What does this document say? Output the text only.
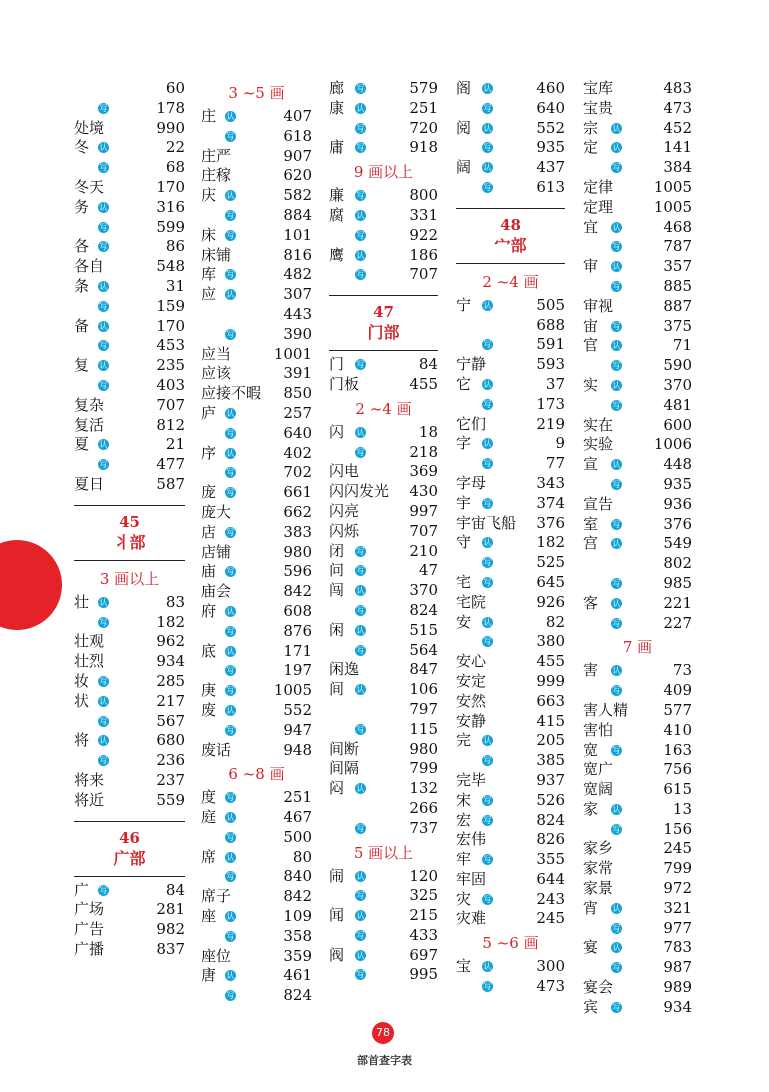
60
写	178
处境	990
冬 认	22
写	68
冬天	170
务 认	316
写	599
各 写	86
各自	548
条 认	31
写	159
备 认	170
写	453
复 认	235
写	403
复杂	707
复活	812
夏 认	21
写	477
夏日	587
45
丬部
3 画以上
壮 认	83
写	182
壮观	962
壮烈	934
妆 写	285
状 认	217
写	567
将 认	680
写	236
将来	237
将近	559
46
广部
广 写	84
广场	281
广告	982
广播	837
3 ~5 画
庄 认	407
写	618
庄严	907
庄稼	620
庆 认	582
写	884
床 写	101
床铺	816
库 写	482
应 认	307
443
写	390
应当	1001
应该	391
应接不暇 850
庐 认	257
写	640
序 认	402
写	702
庞 写	661
庞大	662
店 写	383
店铺	980
庙 写	596
庙会	842
府 认	608
写	876
底 认	171
写	197
庚 写	1005
废 认	552
写	947
废话	948
6 ~8 画
度 写	251
庭 认	467
写	500
席 认	80
写	840
席子	842
座 认	109
写	358
座位	359
唐 认	461
写	824
廊 写	579
康 认	251
写	720
庸 写	918
9 画以上
廉 写	800
腐 认	331
写	922
鹰 认	186
写	707
47
门部
门 写	84
门板	455
2 ~4 画
闪 认	18
写	218
闪电	369
闪闪发光 430
闪亮	997
闪烁	707
闭 写	210
问 写	47
闯 认	370
写	824
闲 认	515
写	564
闲逸	847
间 认	106
797
写	115
间断	980
间隔	799
闷 认	132
266
写	737
5 画以上
闹 认	120
写	325
闻 认	215
写	433
阀 认	697
写	995
阁 认	460
写	640
阅 认	552
写	935
阔 认	437
写	613
48
宀部
2 ~4 画
宁 认	505
688
写	591
宁静	593
它 认	37
写	173
它们	219
字 认	9
写	77
字母	343
宇 写	374
宇宙飞船 376
守 认	182
写	525
宅 写	645
宅院	926
安 认	82
写	380
安心	455
安定	999
安然	663
安静	415
完 认	205
写	385
完毕	937
宋 写	526
宏 写	824
宏伟	826
牢 写	355
牢固	644
灾 写	243
灾难	245
5 ~6 画
宝 认	300
写	473
宝库	483
宝贵	473
宗 认	452
定 认	141
写	384
定律	1005
定理	1005
宜 认	468
写	787
审 认	357
写	885
审视	887
宙 写	375
官 认	71
写	590
实 认	370
写	481
实在	600
实验	1006
宣 认	448
写	935
宣告	936
室 写	376
宫 认	549
802
写	985
客 认	221
写	227
7 画
害 认	73
写	409
害人精 577
害怕	410
宽 写	163
宽广	756
宽阔	615
家 认	13
写	156
家乡	245
家常	799
家景	972
宵 认	321
写	977
宴 认	783
写	987
宴会	989
宾 写	934
78
部首查字表
